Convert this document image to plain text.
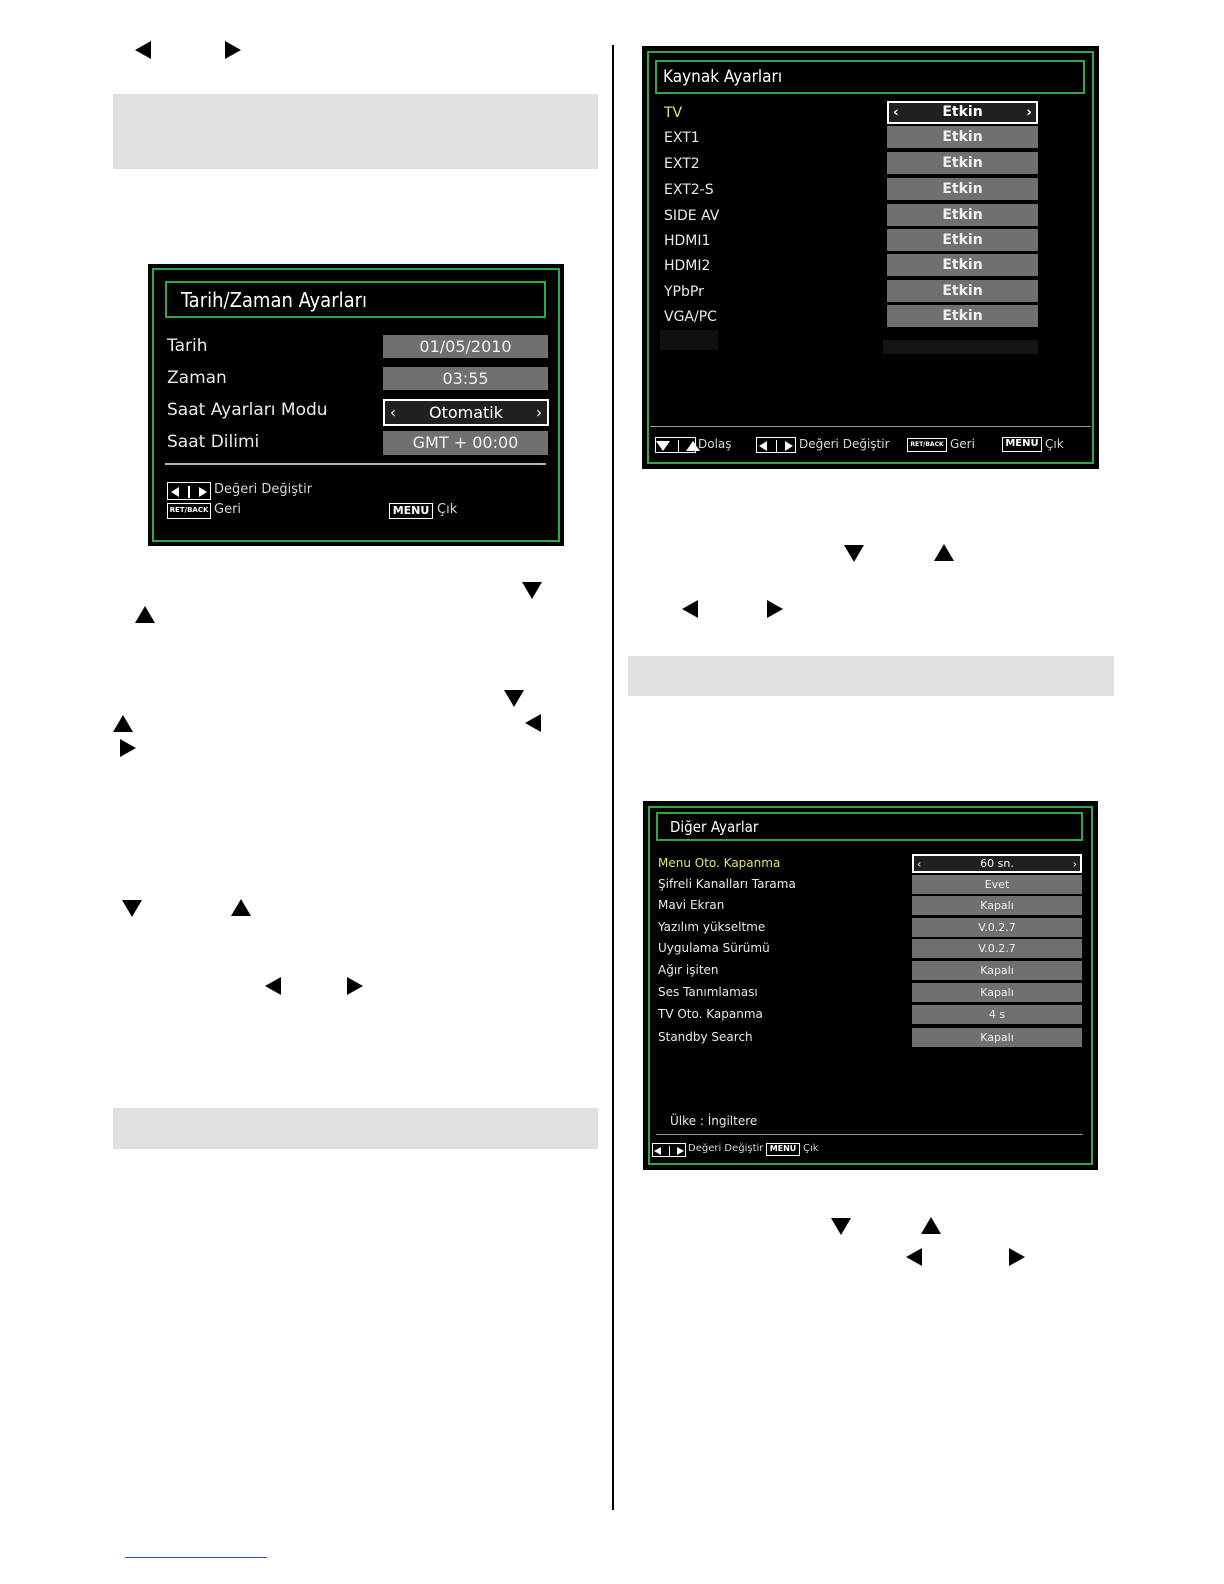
Tarih/Zaman Ayarları
Tarih	01/05/2010
Zaman	03:55
Saat Ayarları Modu	‹ Otomatik ›
Saat Dilimi	GMT + 00:00

Değeri Değiştir
RET/BACK Geri	MENU Çık
Kaynak Ayarları
TV	‹	Etkin	›
EXT1	Etkin
EXT2	Etkin
EXT2-S	Etkin
SIDE AV	Etkin
HDMI1	Etkin
HDMI2	Etkin
YPbPr	Etkin
VGA/PC	Etkin

Dolaş
	Değeri Değiştir	RET/BACK Geri	MENU Çık
Diğer Ayarlar
Menu Oto. Kapanma	‹	60 sn.	›
Şifreli Kanalları Tarama	Evet
Mavi Ekran	Kapalı
Yazılım yükseltme	V.0.2.7
Uygulama Sürümü	V.0.2.7
Ağır işiten	Kapalı
Ses Tanımlaması	Kapalı
TV Oto. Kapanma	4 s
Standby Search	Kapalı
Ülke : İngiltere

Değeri Değiştir MENU Çık
